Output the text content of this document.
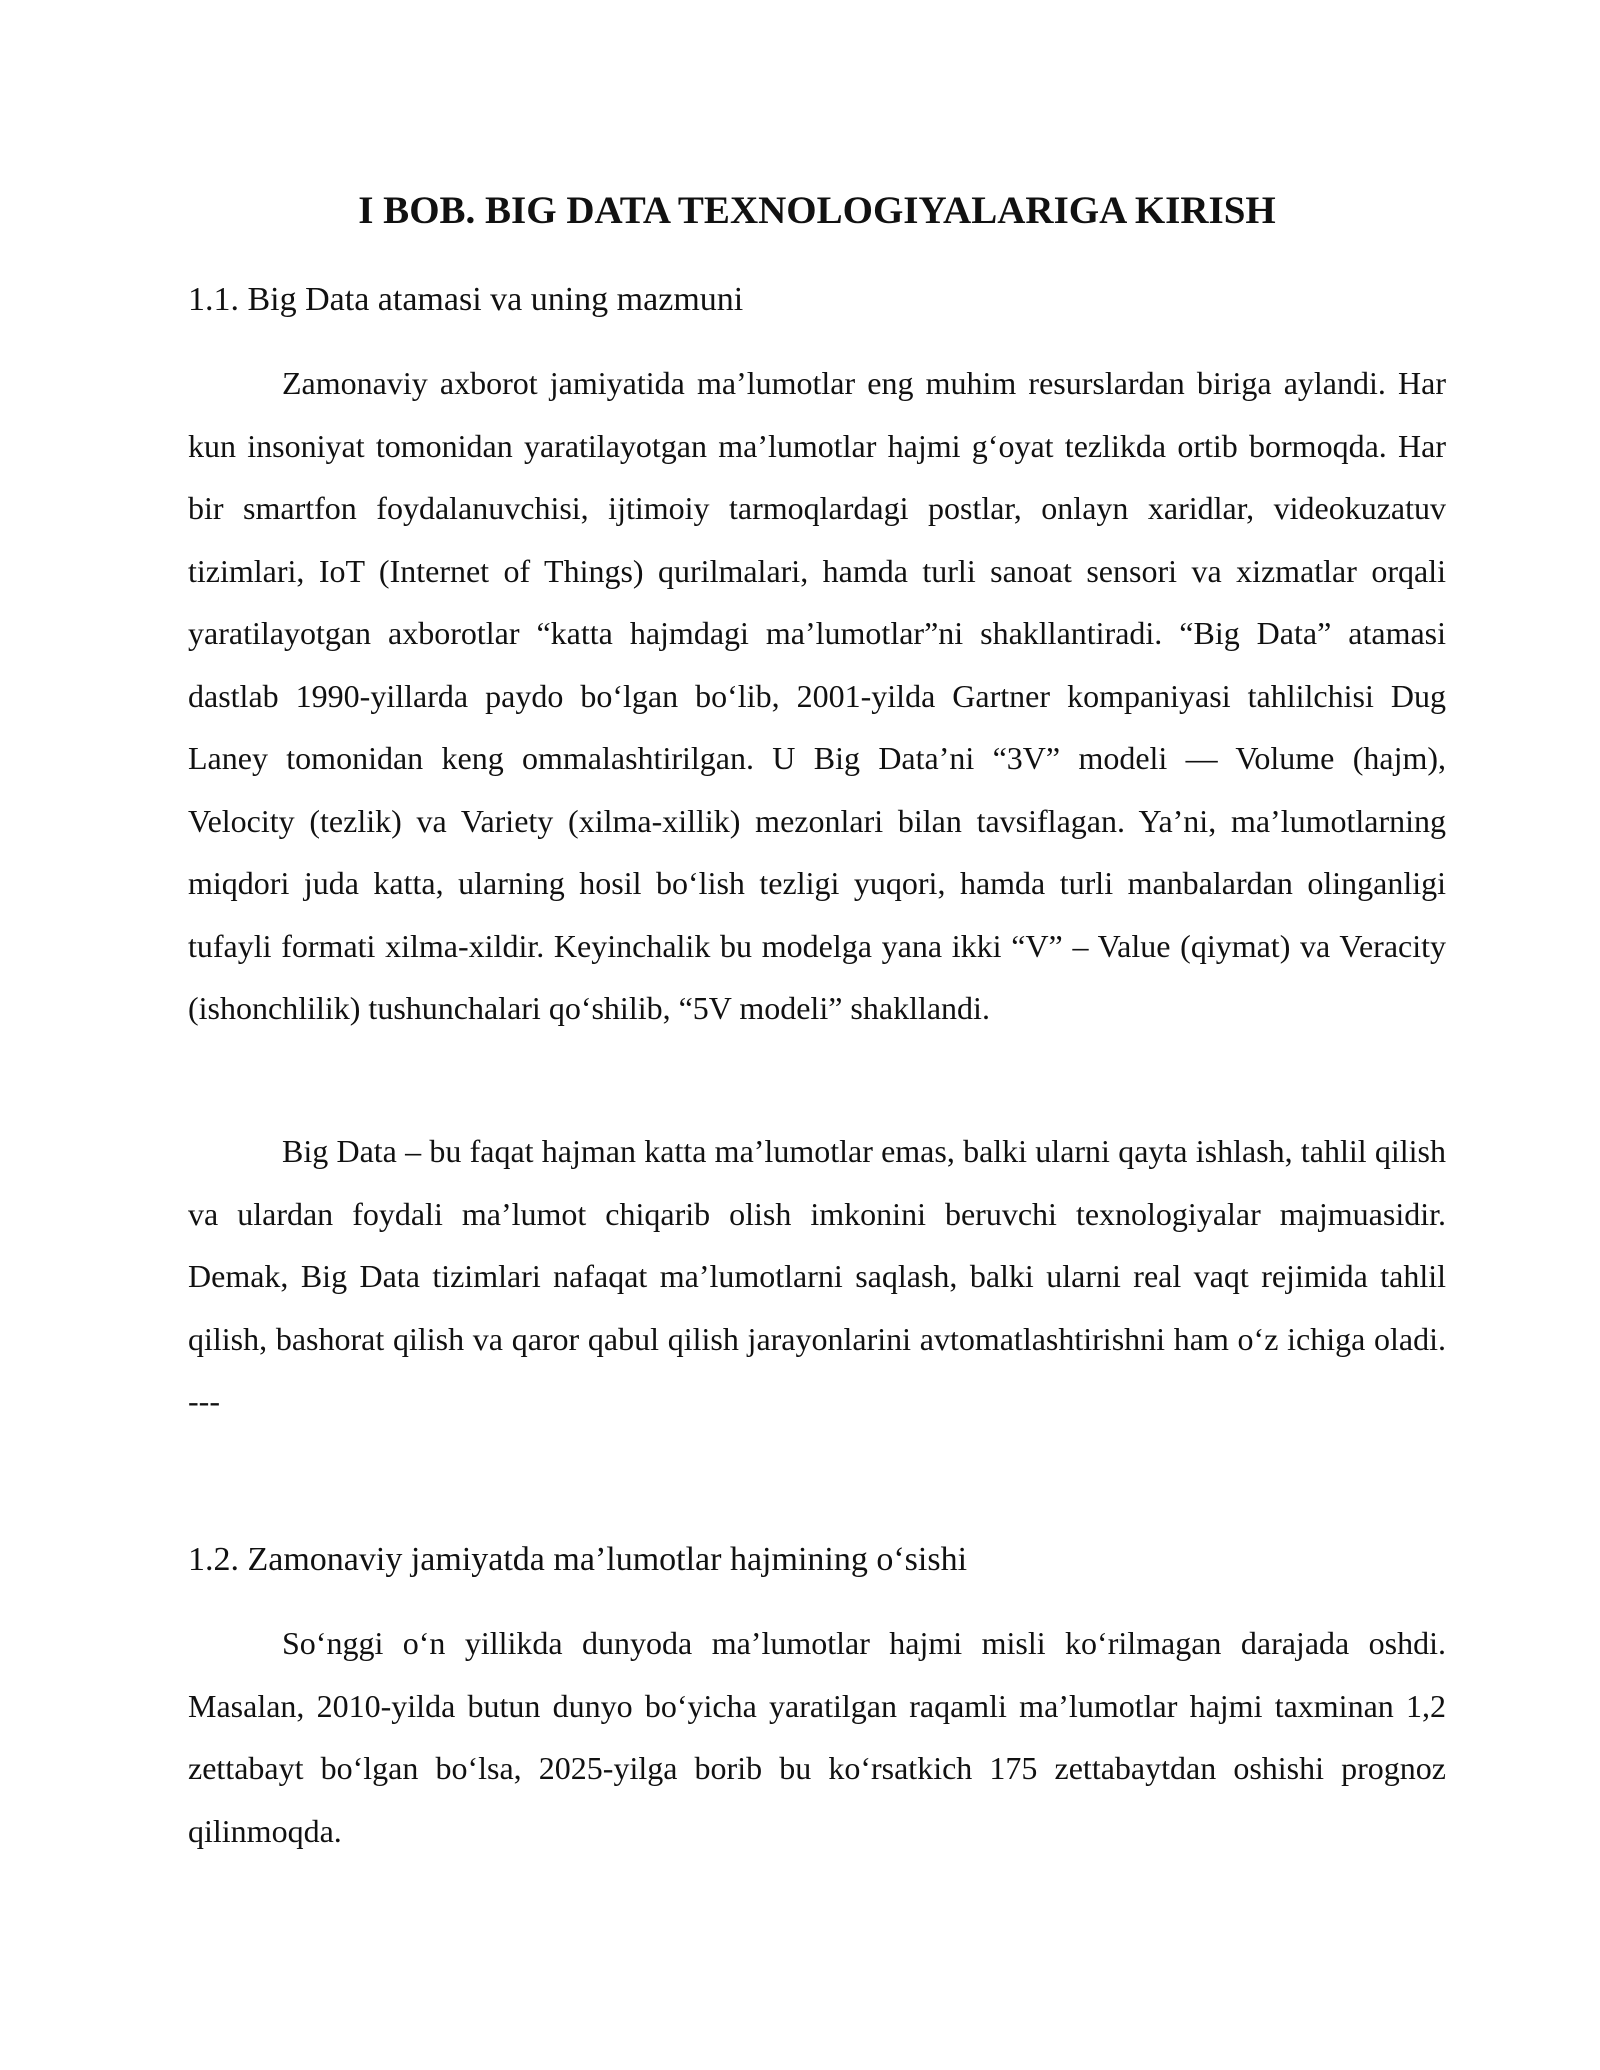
I BOB. BIG DATA TEXNOLOGIYALARIGA KIRISH
1.1. Big Data atamasi va uning mazmuni

Zamonaviy axborot jamiyatida ma’lumotlar eng muhim resurslardan biriga aylandi. Har kun insoniyat tomonidan yaratilayotgan ma’lumotlar hajmi g‘oyat tezlikda ortib bormoqda. Har bir smartfon foydalanuvchisi, ijtimoiy tarmoqlardagi postlar, onlayn xaridlar, videokuzatuv tizimlari, IoT (Internet of Things) qurilmalari, hamda turli sanoat sensori va xizmatlar orqali yaratilayotgan axborotlar “katta hajmdagi ma’lumotlar”ni shakllantiradi. “Big Data” atamasi dastlab 1990-yillarda paydo bo‘lgan bo‘lib, 2001-yilda Gartner kompaniyasi tahlilchisi Dug Laney tomonidan keng ommalashtirilgan. U Big Data’ni “3V” modeli — Volume (hajm), Velocity (tezlik) va Variety (xilma-xillik) mezonlari bilan tavsiflagan. Ya’ni, ma’lumotlarning miqdori juda katta, ularning hosil bo‘lish tezligi yuqori, hamda turli manbalardan olinganligi tufayli formati xilma-xildir. Keyinchalik bu modelga yana ikki “V” – Value (qiymat) va Veracity (ishonchlilik) tushunchalari qo‘shilib, “5V modeli” shakllandi.

Big Data – bu faqat hajman katta ma’lumotlar emas, balki ularni qayta ishlash, tahlil qilish va ulardan foydali ma’lumot chiqarib olish imkonini beruvchi texnologiyalar majmuasidir. Demak, Big Data tizimlari nafaqat ma’lumotlarni saqlash, balki ularni real vaqt rejimida tahlil qilish, bashorat qilish va qaror qabul qilish jarayonlarini avtomatlashtirishni ham o‘z ichiga oladi. ---

1.2. Zamonaviy jamiyatda ma’lumotlar hajmining o‘sishi

So‘nggi o‘n yillikda dunyoda ma’lumotlar hajmi misli ko‘rilmagan darajada oshdi. Masalan, 2010-yilda butun dunyo bo‘yicha yaratilgan raqamli ma’lumotlar hajmi taxminan 1,2 zettabayt bo‘lgan bo‘lsa, 2025-yilga borib bu ko‘rsatkich 175 zettabaytdan oshishi prognoz qilinmoqda.
